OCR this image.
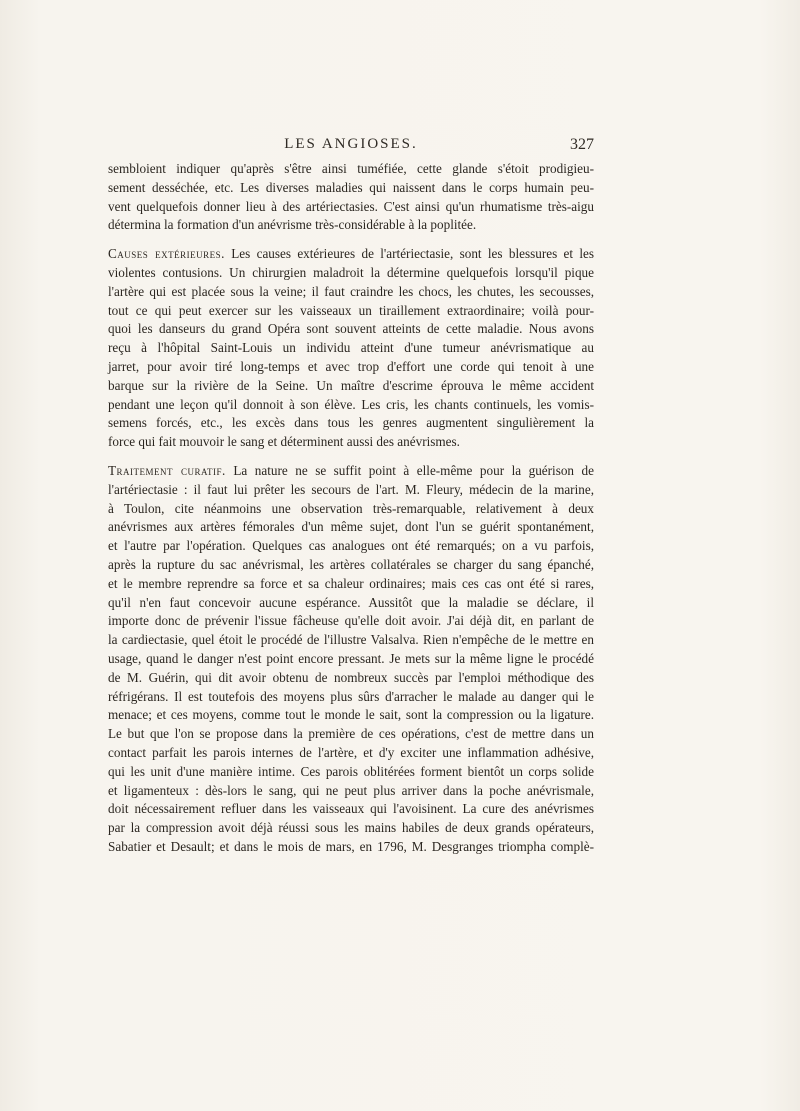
LES ANGIOSES.	327
sembloient indiquer qu'après s'être ainsi tuméfiée, cette glande s'étoit prodigieu-
sement desséchée, etc. Les diverses maladies qui naissent dans le corps humain peu-
vent quelquefois donner lieu à des artériectasies. C'est ainsi qu'un rhumatisme très-aigu
détermina la formation d'un anévrisme très-considérable à la poplitée.
Causes extérieures. Les causes extérieures de l'artériectasie, sont les blessures et les
violentes contusions. Un chirurgien maladroit la détermine quelquefois lorsqu'il pique
l'artère qui est placée sous la veine; il faut craindre les chocs, les chutes, les secousses,
tout ce qui peut exercer sur les vaisseaux un tiraillement extraordinaire; voilà pour-
quoi les danseurs du grand Opéra sont souvent atteints de cette maladie. Nous avons
reçu à l'hôpital Saint-Louis un individu atteint d'une tumeur anévrismatique au
jarret, pour avoir tiré long-temps et avec trop d'effort une corde qui tenoit à une
barque sur la rivière de la Seine. Un maître d'escrime éprouva le même accident
pendant une leçon qu'il donnoit à son élève. Les cris, les chants continuels, les vomis-
semens forcés, etc., les excès dans tous les genres augmentent singulièrement la
force qui fait mouvoir le sang et déterminent aussi des anévrismes.
Traitement curatif. La nature ne se suffit point à elle-même pour la guérison de
l'artériectasie : il faut lui prêter les secours de l'art. M. Fleury, médecin de la marine,
à Toulon, cite néanmoins une observation très-remarquable, relativement à deux
anévrismes aux artères fémorales d'un même sujet, dont l'un se guérit spontanément,
et l'autre par l'opération. Quelques cas analogues ont été remarqués; on a vu parfois,
après la rupture du sac anévrismal, les artères collatérales se charger du sang épanché,
et le membre reprendre sa force et sa chaleur ordinaires; mais ces cas ont été si rares,
qu'il n'en faut concevoir aucune espérance. Aussitôt que la maladie se déclare, il
importe donc de prévenir l'issue fâcheuse qu'elle doit avoir. J'ai déjà dit, en parlant de
la cardiectasie, quel étoit le procédé de l'illustre Valsalva. Rien n'empêche de le mettre en
usage, quand le danger n'est point encore pressant. Je mets sur la même ligne le procédé
de M. Guérin, qui dit avoir obtenu de nombreux succès par l'emploi méthodique des
réfrigérans. Il est toutefois des moyens plus sûrs d'arracher le malade au danger qui le
menace; et ces moyens, comme tout le monde le sait, sont la compression ou la ligature.
Le but que l'on se propose dans la première de ces opérations, c'est de mettre dans un
contact parfait les parois internes de l'artère, et d'y exciter une inflammation adhésive,
qui les unit d'une manière intime. Ces parois oblitérées forment bientôt un corps solide
et ligamenteux : dès-lors le sang, qui ne peut plus arriver dans la poche anévrismale,
doit nécessairement refluer dans les vaisseaux qui l'avoisinent. La cure des anévrismes
par la compression avoit déjà réussi sous les mains habiles de deux grands opérateurs,
Sabatier et Desault; et dans le mois de mars, en 1796, M. Desgranges triompha complè-
